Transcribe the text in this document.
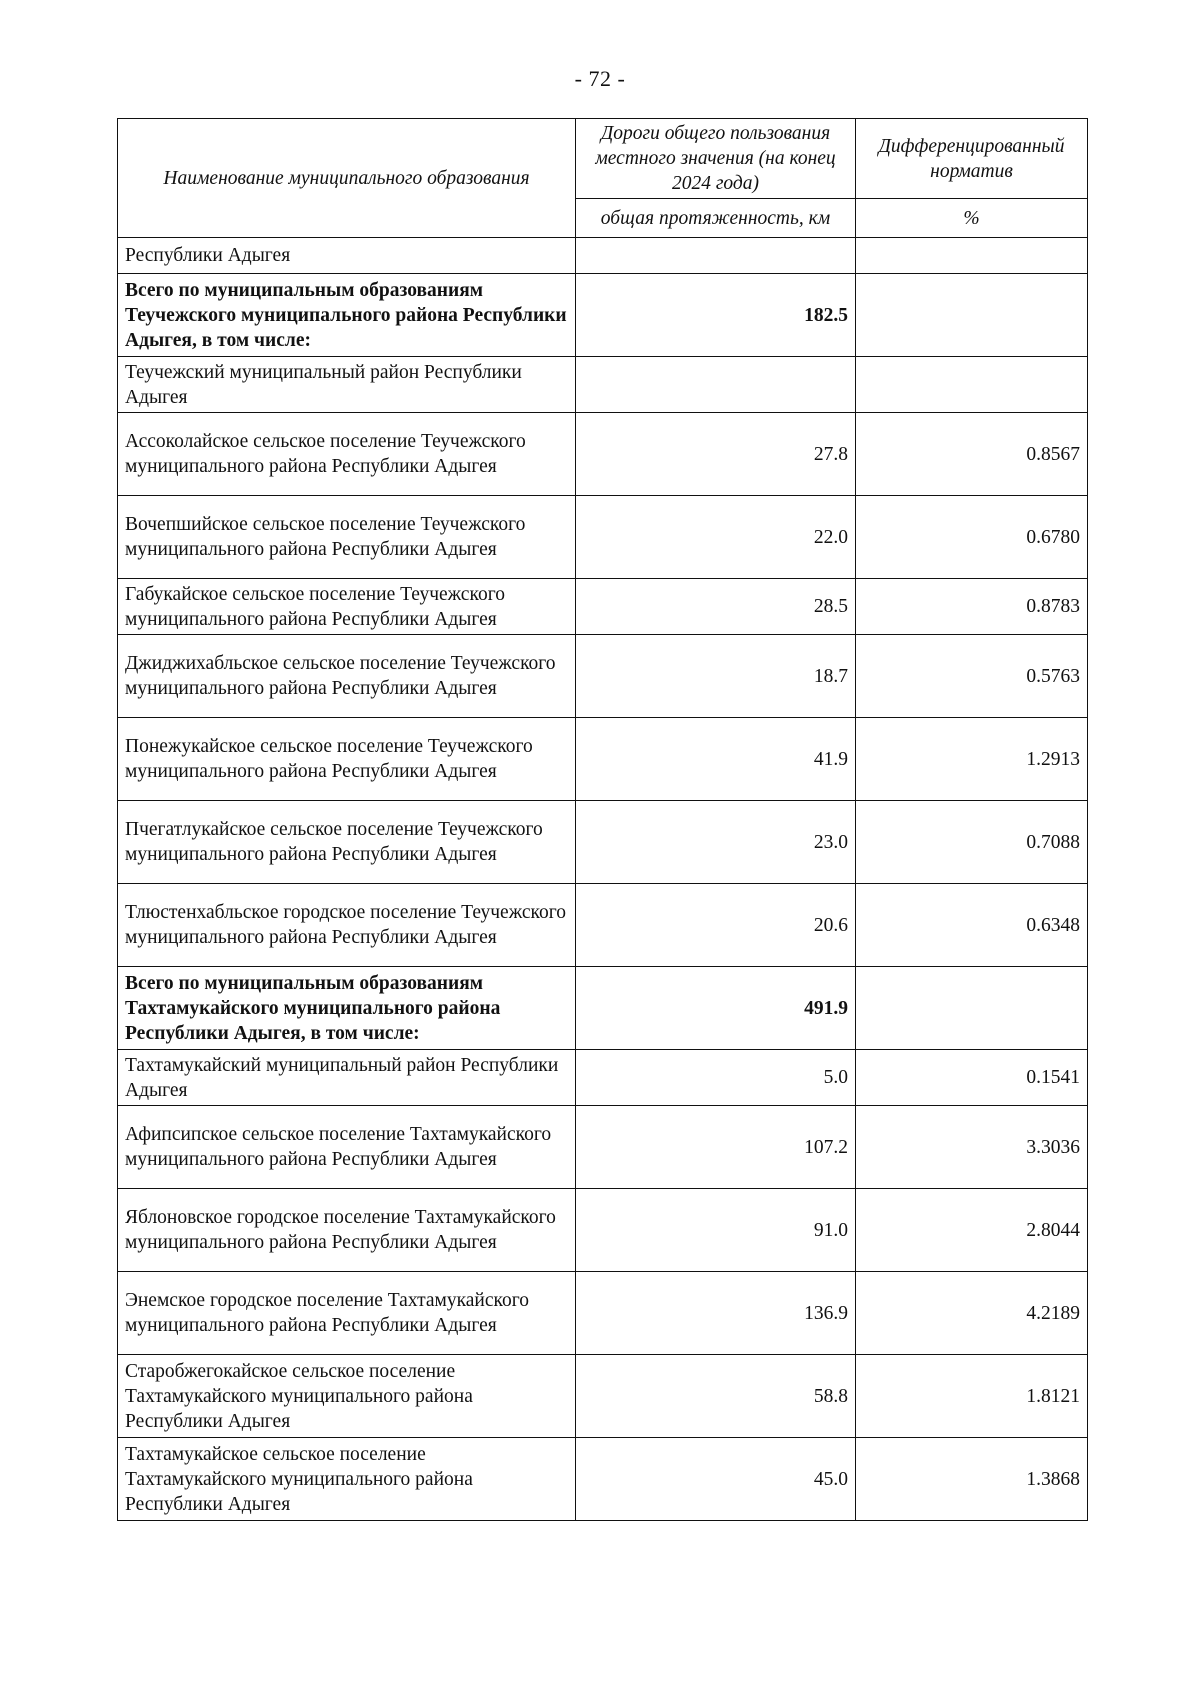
- 72 -
Наименование муниципального образования	Дороги общего пользования местного значения (на конец 2024 года)	Дифференцированный норматив
	общая протяженность, км	%
Республики Адыгея		
Всего по муниципальным образованиям Теучежского муниципального района Республики Адыгея, в том числе:	182.5	
Теучежский муниципальный район Республики Адыгея		
Ассоколайское сельское поселение Теучежского муниципального района Республики Адыгея	27.8	0.8567
Вочепшийское сельское поселение Теучежского муниципального района Республики Адыгея	22.0	0.6780
Габукайское сельское поселение Теучежского муниципального района Республики Адыгея	28.5	0.8783
Джиджихабльское сельское поселение Теучежского муниципального района Республики Адыгея	18.7	0.5763
Понежукайское сельское поселение Теучежского муниципального района Республики Адыгея	41.9	1.2913
Пчегатлукайское сельское поселение Теучежского муниципального района Республики Адыгея	23.0	0.7088
Тлюстенхабльское городское поселение Теучежского муниципального района Республики Адыгея	20.6	0.6348
Всего по муниципальным образованиям Тахтамукайского муниципального района Республики Адыгея, в том числе:	491.9	
Тахтамукайский муниципальный район Республики Адыгея	5.0	0.1541
Афипсипское сельское поселение Тахтамукайского муниципального района Республики Адыгея	107.2	3.3036
Яблоновское городское поселение Тахтамукайского муниципального района Республики Адыгея	91.0	2.8044
Энемское городское поселение Тахтамукайского муниципального района Республики Адыгея	136.9	4.2189
Старобжегокайское сельское поселение Тахтамукайского муниципального района Республики Адыгея	58.8	1.8121
Тахтамукайское сельское поселение Тахтамукайского муниципального района Республики Адыгея	45.0	1.3868
